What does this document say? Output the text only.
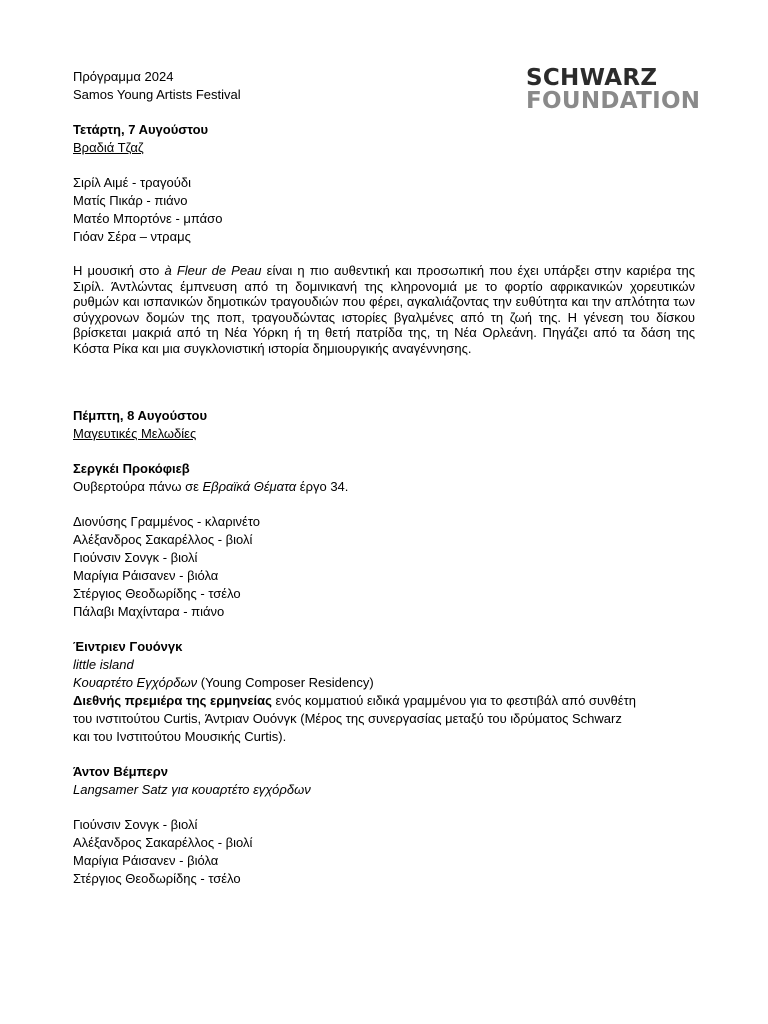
SCHWARZ
FOUNDATION
Πρόγραμμα 2024
Samos Young Artists Festival
Τετάρτη, 7 Αυγούστου
Βραδιά Τζαζ
Σιρίλ Αιμέ - τραγούδι
Ματίς Πικάρ - πιάνο
Ματέο Μπορτόνε - μπάσο
Γιόαν Σέρα – ντραμς
Η μουσική στο à Fleur de Peau είναι η πιο αυθεντική και προσωπική που έχει υπάρξει στην καριέρα της Σιρίλ. Άντλώντας έμπνευση από τη δομινικανή της κληρονομιά με το φορτίο αφρικανικών χορευτικών ρυθμών και ισπανικών δημοτικών τραγουδιών που φέρει, αγκαλιάζοντας την ευθύτητα και την απλότητα των σύγχρονων δομών της ποπ, τραγουδώντας ιστορίες βγαλμένες από τη ζωή της. Η γένεση του δίσκου βρίσκεται μακριά από τη Νέα Υόρκη ή τη θετή πατρίδα της, τη Νέα Ορλεάνη. Πηγάζει από τα δάση της Κόστα Ρίκα και μια συγκλονιστική ιστορία δημιουργικής αναγέννησης.
Πέμπτη, 8 Αυγούστου
Μαγευτικές Μελωδίες
Σεργκέι Προκόφιεβ
Ουβερτούρα πάνω σε Εβραϊκά Θέματα έργο 34.
Διονύσης Γραμμένος - κλαρινέτο
Αλέξανδρος Σακαρέλλος - βιολί
Γιούνσιν Σονγκ - βιολί
Μαρίγια Ράισανεν - βιόλα
Στέργιος Θεοδωρίδης - τσέλο
Πάλαβι Μαχίνταρα - πιάνο
Έιντριεν Γουόνγκ
little island
Κουαρτέτο Εγχόρδων (Young Composer Residency)
Διεθνής πρεμιέρα της ερμηνείας ενός κομματιού ειδικά γραμμένου για το φεστιβάλ από συνθέτη
του ινστιτούτου Curtis, Άντριαν Ουόνγκ (Μέρος της συνεργασίας μεταξύ του ιδρύματος Schwarz
και του Ινστιτούτου Μουσικής Curtis).
Άντον Βέμπερν
Langsamer Satz για κουαρτέτο εγχόρδων
Γιούνσιν Σονγκ - βιολί
Αλέξανδρος Σακαρέλλος - βιολί
Μαρίγια Ράισανεν - βιόλα
Στέργιος Θεοδωρίδης - τσέλο
